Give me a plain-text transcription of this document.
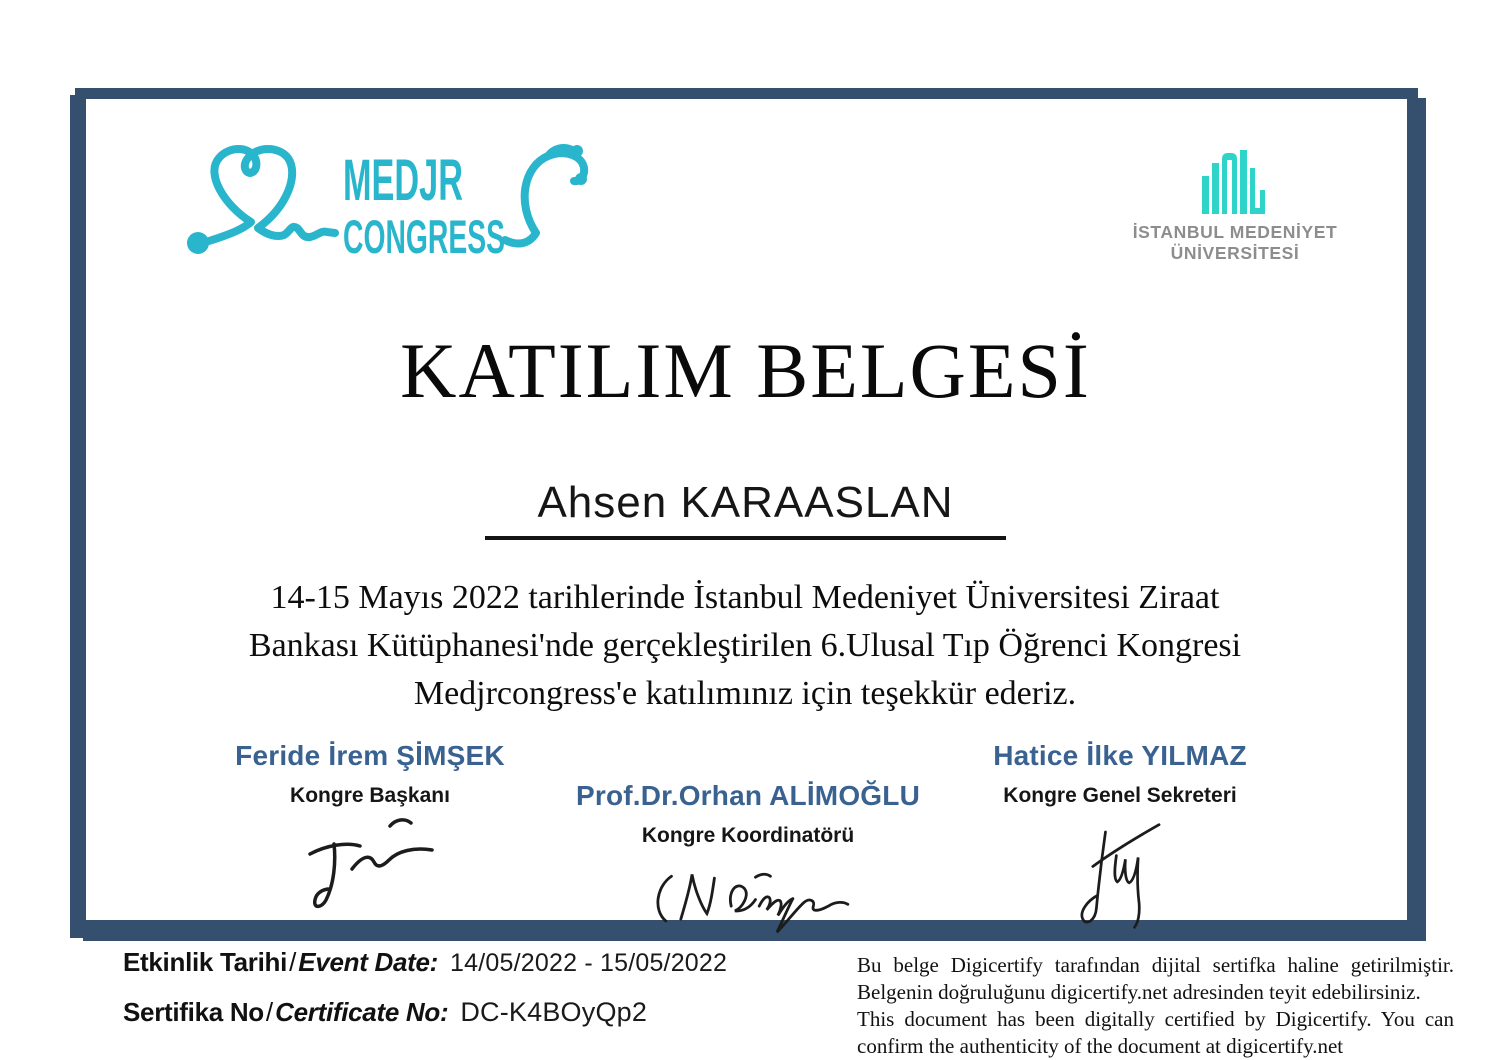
MEDJR
CONGRESS	İSTANBUL MEDENİYET
ÜNİVERSİTESİ
KATILIM BELGESİ
Ahsen KARAASLAN
14-15 Mayıs 2022 tarihlerinde İstanbul Medeniyet Üniversitesi Ziraat
Bankası Kütüphanesi'nde gerçekleştirilen 6.Ulusal Tıp Öğrenci Kongresi
Medjrcongress'e katılımınız için teşekkür ederiz.
Feride İrem ŞİMŞEK
Kongre Başkanı	Prof.Dr.Orhan ALİMOĞLU
Kongre Koordinatörü
Hatice İlke YILMAZ
Kongre Genel Sekreteri
Etkinlik Tarihi/Event Date: 14/05/2022 - 15/05/2022
Sertifika No/Certificate No: DC-K4BOyQp2
Bu belge Digicertify tarafından dijital sertifka haline getirilmiştir.
Belgenin doğruluğunu digicertify.net adresinden teyit edebilirsiniz.
This document has been digitally certified by Digicertify. You can
confirm the authenticity of the document at digicertify.net
